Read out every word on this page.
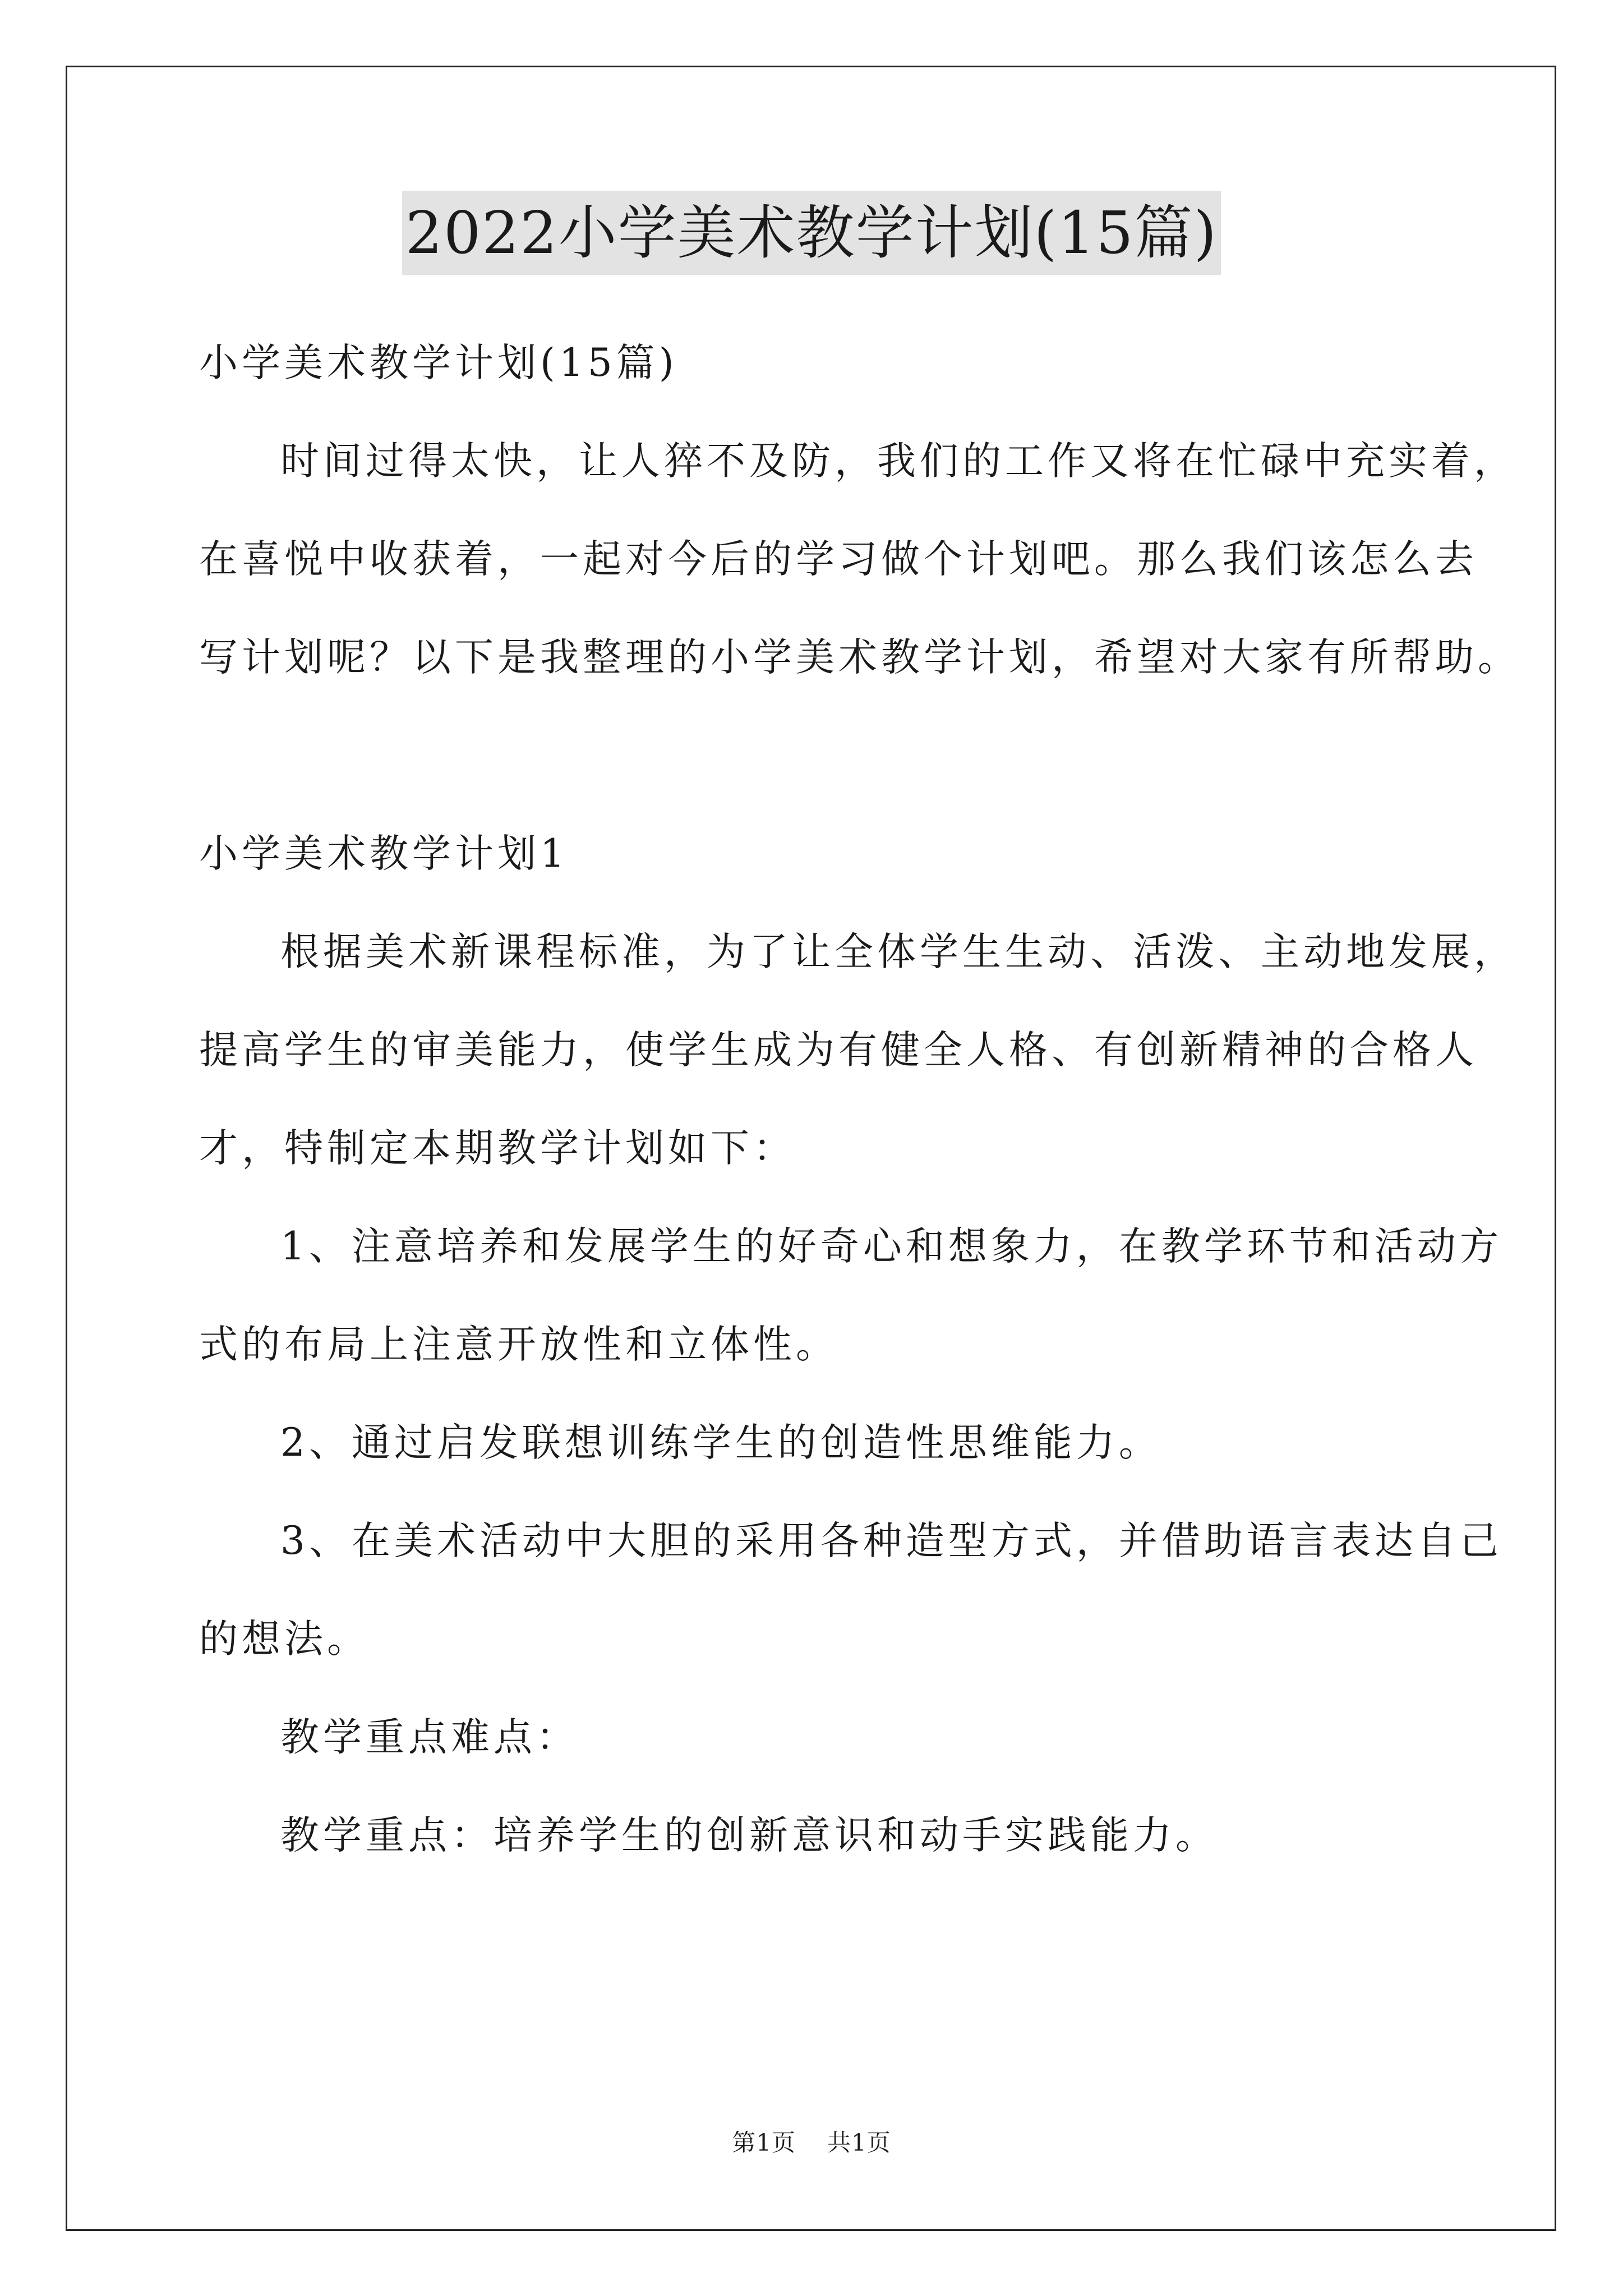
2022小学美术教学计划(15篇)
小学美术教学计划(15篇)
时间过得太快，让人猝不及防，我们的工作又将在忙碌中充实着，
在喜悦中收获着，一起对今后的学习做个计划吧。那么我们该怎么去
写计划呢？以下是我整理的小学美术教学计划，希望对大家有所帮助。
小学美术教学计划1
根据美术新课程标准，为了让全体学生生动、活泼、主动地发展，
提高学生的审美能力，使学生成为有健全人格、有创新精神的合格人
才，特制定本期教学计划如下：
1、注意培养和发展学生的好奇心和想象力，在教学环节和活动方
式的布局上注意开放性和立体性。
2、通过启发联想训练学生的创造性思维能力。
3、在美术活动中大胆的采用各种造型方式，并借助语言表达自己
的想法。
教学重点难点：
教学重点：培养学生的创新意识和动手实践能力。
第1页 共1页
